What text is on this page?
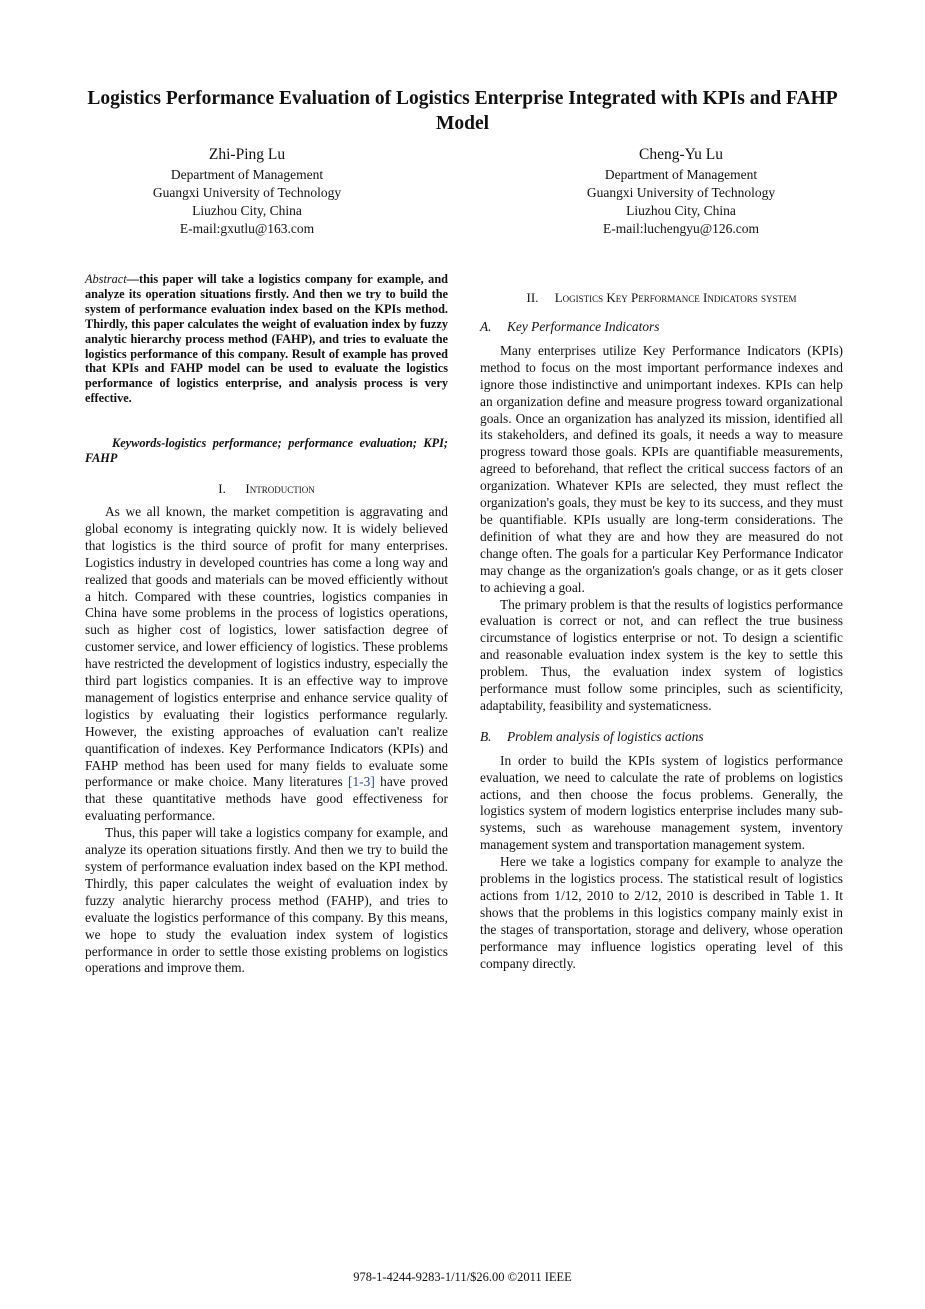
Logistics Performance Evaluation of Logistics Enterprise Integrated with KPIs and FAHP Model
Zhi-Ping Lu
Department of Management
Guangxi University of Technology
Liuzhou City, China
E-mail:gxutlu@163.com
Cheng-Yu Lu
Department of Management
Guangxi University of Technology
Liuzhou City, China
E-mail:luchengyu@126.com

Abstract—this paper will take a logistics company for example, and analyze its operation situations firstly. And then we try to build the system of performance evaluation index based on the KPIs method. Thirdly, this paper calculates the weight of evaluation index by fuzzy analytic hierarchy process method (FAHP), and tries to evaluate the logistics performance of this company. Result of example has proved that KPIs and FAHP model can be used to evaluate the logistics performance of logistics enterprise, and analysis process is very effective.

Keywords-logistics performance; performance evaluation; KPI; FAHP

I. Introduction

As we all known, the market competition is aggravating and global economy is integrating quickly now. It is widely believed that logistics is the third source of profit for many enterprises. Logistics industry in developed countries has come a long way and realized that goods and materials can be moved efficiently without a hitch. Compared with these countries, logistics companies in China have some problems in the process of logistics operations, such as higher cost of logistics, lower satisfaction degree of customer service, and lower efficiency of logistics. These problems have restricted the development of logistics industry, especially the third part logistics companies. It is an effective way to improve management of logistics enterprise and enhance service quality of logistics by evaluating their logistics performance regularly. However, the existing approaches of evaluation can't realize quantification of indexes. Key Performance Indicators (KPIs) and FAHP method has been used for many fields to evaluate some performance or make choice. Many literatures [1-3] have proved that these quantitative methods have good effectiveness for evaluating performance.

Thus, this paper will take a logistics company for example, and analyze its operation situations firstly. And then we try to build the system of performance evaluation index based on the KPI method. Thirdly, this paper calculates the weight of evaluation index by fuzzy analytic hierarchy process method (FAHP), and tries to evaluate the logistics performance of this company. By this means, we hope to study the evaluation index system of logistics performance in order to settle those existing problems on logistics operations and improve them.

II. Logistics Key Performance Indicators system
A. Key Performance Indicators

Many enterprises utilize Key Performance Indicators (KPIs) method to focus on the most important performance indexes and ignore those indistinctive and unimportant indexes. KPIs can help an organization define and measure progress toward organizational goals. Once an organization has analyzed its mission, identified all its stakeholders, and defined its goals, it needs a way to measure progress toward those goals. KPIs are quantifiable measurements, agreed to beforehand, that reflect the critical success factors of an organization. Whatever KPIs are selected, they must reflect the organization's goals, they must be key to its success, and they must be quantifiable. KPIs usually are long-term considerations. The definition of what they are and how they are measured do not change often. The goals for a particular Key Performance Indicator may change as the organization's goals change, or as it gets closer to achieving a goal.

The primary problem is that the results of logistics performance evaluation is correct or not, and can reflect the true business circumstance of logistics enterprise or not. To design a scientific and reasonable evaluation index system is the key to settle this problem. Thus, the evaluation index system of logistics performance must follow some principles, such as scientificity, adaptability, feasibility and systematicness.

B. Problem analysis of logistics actions

In order to build the KPIs system of logistics performance evaluation, we need to calculate the rate of problems on logistics actions, and then choose the focus problems. Generally, the logistics system of modern logistics enterprise includes many sub-systems, such as warehouse management system, inventory management system and transportation management system.

Here we take a logistics company for example to analyze the problems in the logistics process. The statistical result of logistics actions from 1/12, 2010 to 2/12, 2010 is described in Table 1. It shows that the problems in this logistics company mainly exist in the stages of transportation, storage and delivery, whose operation performance may influence logistics operating level of this company directly.

978-1-4244-9283-1/11/$26.00 ©2011 IEEE
